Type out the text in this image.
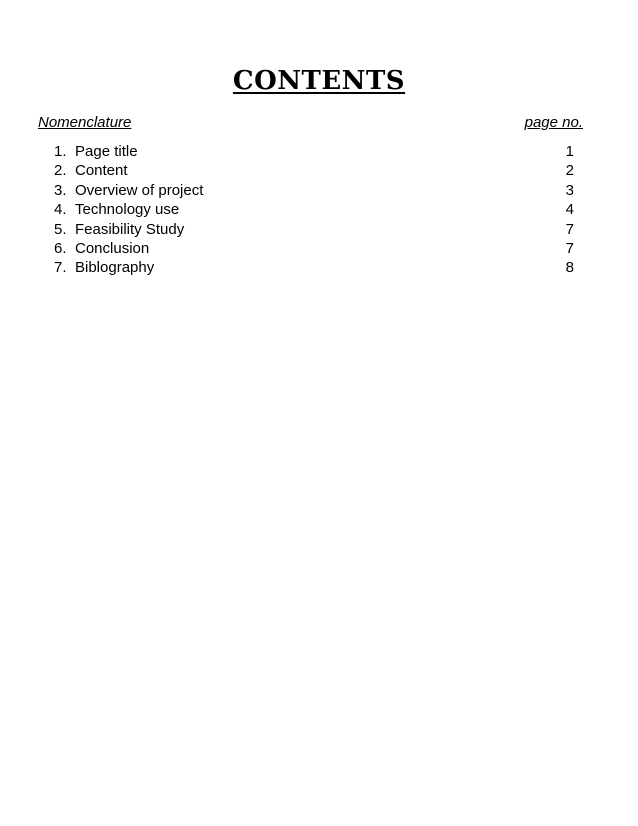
CONTENTS
Nomenclature	page no.
1. Page title	1
2. Content	2
3. Overview of project	3
4. Technology use	4
5. Feasibility Study	7
6. Conclusion	7
7. Biblography	8
